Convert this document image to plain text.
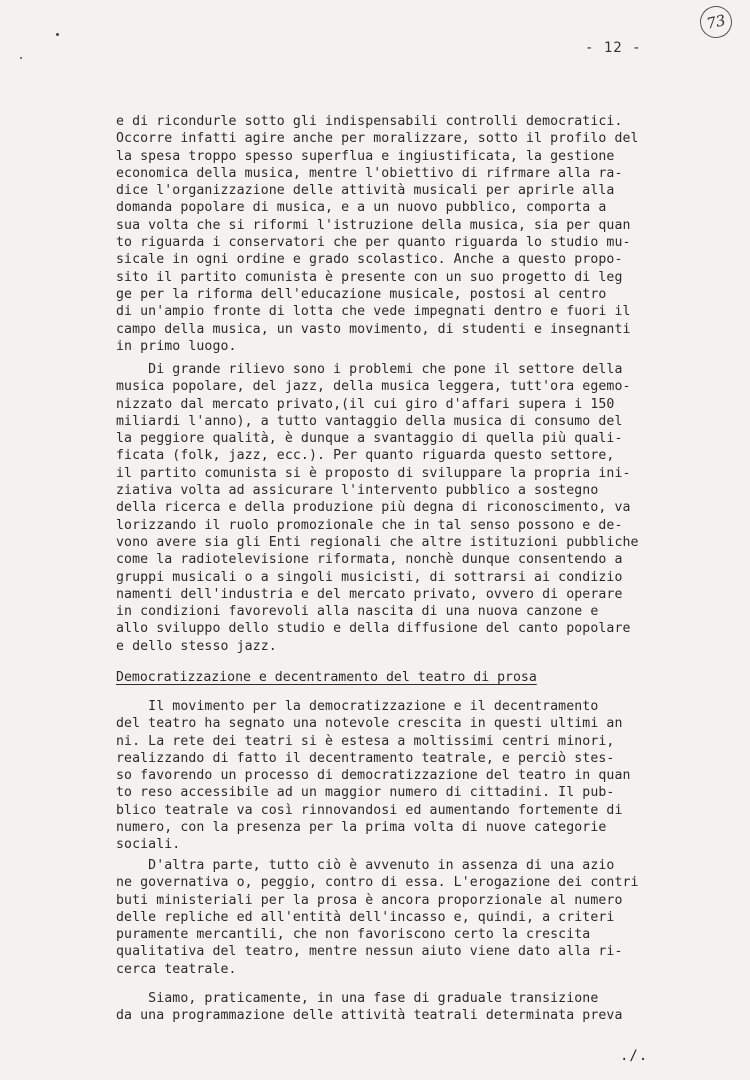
73
- 12 -
e di ricondurle sotto gli indispensabili controlli democratici.
Occorre infatti agire anche per moralizzare, sotto il profilo del
la spesa troppo spesso superflua e ingiustificata, la gestione
economica della musica, mentre l'obiettivo di rifrmare alla ra-
dice l'organizzazione delle attività musicali per aprirle alla
domanda popolare di musica, e a un nuovo pubblico, comporta a
sua volta che si riformi l'istruzione della musica, sia per quan
to riguarda i conservatori che per quanto riguarda lo studio mu-
sicale in ogni ordine e grado scolastico. Anche a questo propo-
sito il partito comunista è presente con un suo progetto di leg
ge per la riforma dell'educazione musicale, postosi al centro
di un'ampio fronte di lotta che vede impegnati dentro e fuori il
campo della musica, un vasto movimento, di studenti e insegnanti
in primo luogo.
Di grande rilievo sono i problemi che pone il settore della
musica popolare, del jazz, della musica leggera, tutt'ora egemo-
nizzato dal mercato privato,(il cui giro d'affari supera i 150
miliardi l'anno), a tutto vantaggio della musica di consumo del
la peggiore qualità, è dunque a svantaggio di quella più quali-
ficata (folk, jazz, ecc.). Per quanto riguarda questo settore,
il partito comunista si è proposto di sviluppare la propria ini-
ziativa volta ad assicurare l'intervento pubblico a sostegno
della ricerca e della produzione più degna di riconoscimento, va
lorizzando il ruolo promozionale che in tal senso possono e de-
vono avere sia gli Enti regionali che altre istituzioni pubbliche
come la radiotelevisione riformata, nonchè dunque consentendo a
gruppi musicali o a singoli musicisti, di sottrarsi ai condizio
namenti dell'industria e del mercato privato, ovvero di operare
in condizioni favorevoli alla nascita di una nuova canzone e
allo sviluppo dello studio e della diffusione del canto popolare
e dello stesso jazz.
Democratizzazione e decentramento del teatro di prosa
Il movimento per la democratizzazione e il decentramento
del teatro ha segnato una notevole crescita in questi ultimi an
ni. La rete dei teatri si è estesa a moltissimi centri minori,
realizzando di fatto il decentramento teatrale, e perciò stes-
so favorendo un processo di democratizzazione del teatro in quan
to reso accessibile ad un maggior numero di cittadini. Il pub-
blico teatrale va così rinnovandosi ed aumentando fortemente di
numero, con la presenza per la prima volta di nuove categorie
sociali.
D'altra parte, tutto ciò è avvenuto in assenza di una azio
ne governativa o, peggio, contro di essa. L'erogazione dei contri
buti ministeriali per la prosa è ancora proporzionale al numero
delle repliche ed all'entità dell'incasso e, quindi, a criteri
puramente mercantili, che non favoriscono certo la crescita
qualitativa del teatro, mentre nessun aiuto viene dato alla ri-
cerca teatrale.
Siamo, praticamente, in una fase di graduale transizione
da una programmazione delle attività teatrali determinata preva
./.
